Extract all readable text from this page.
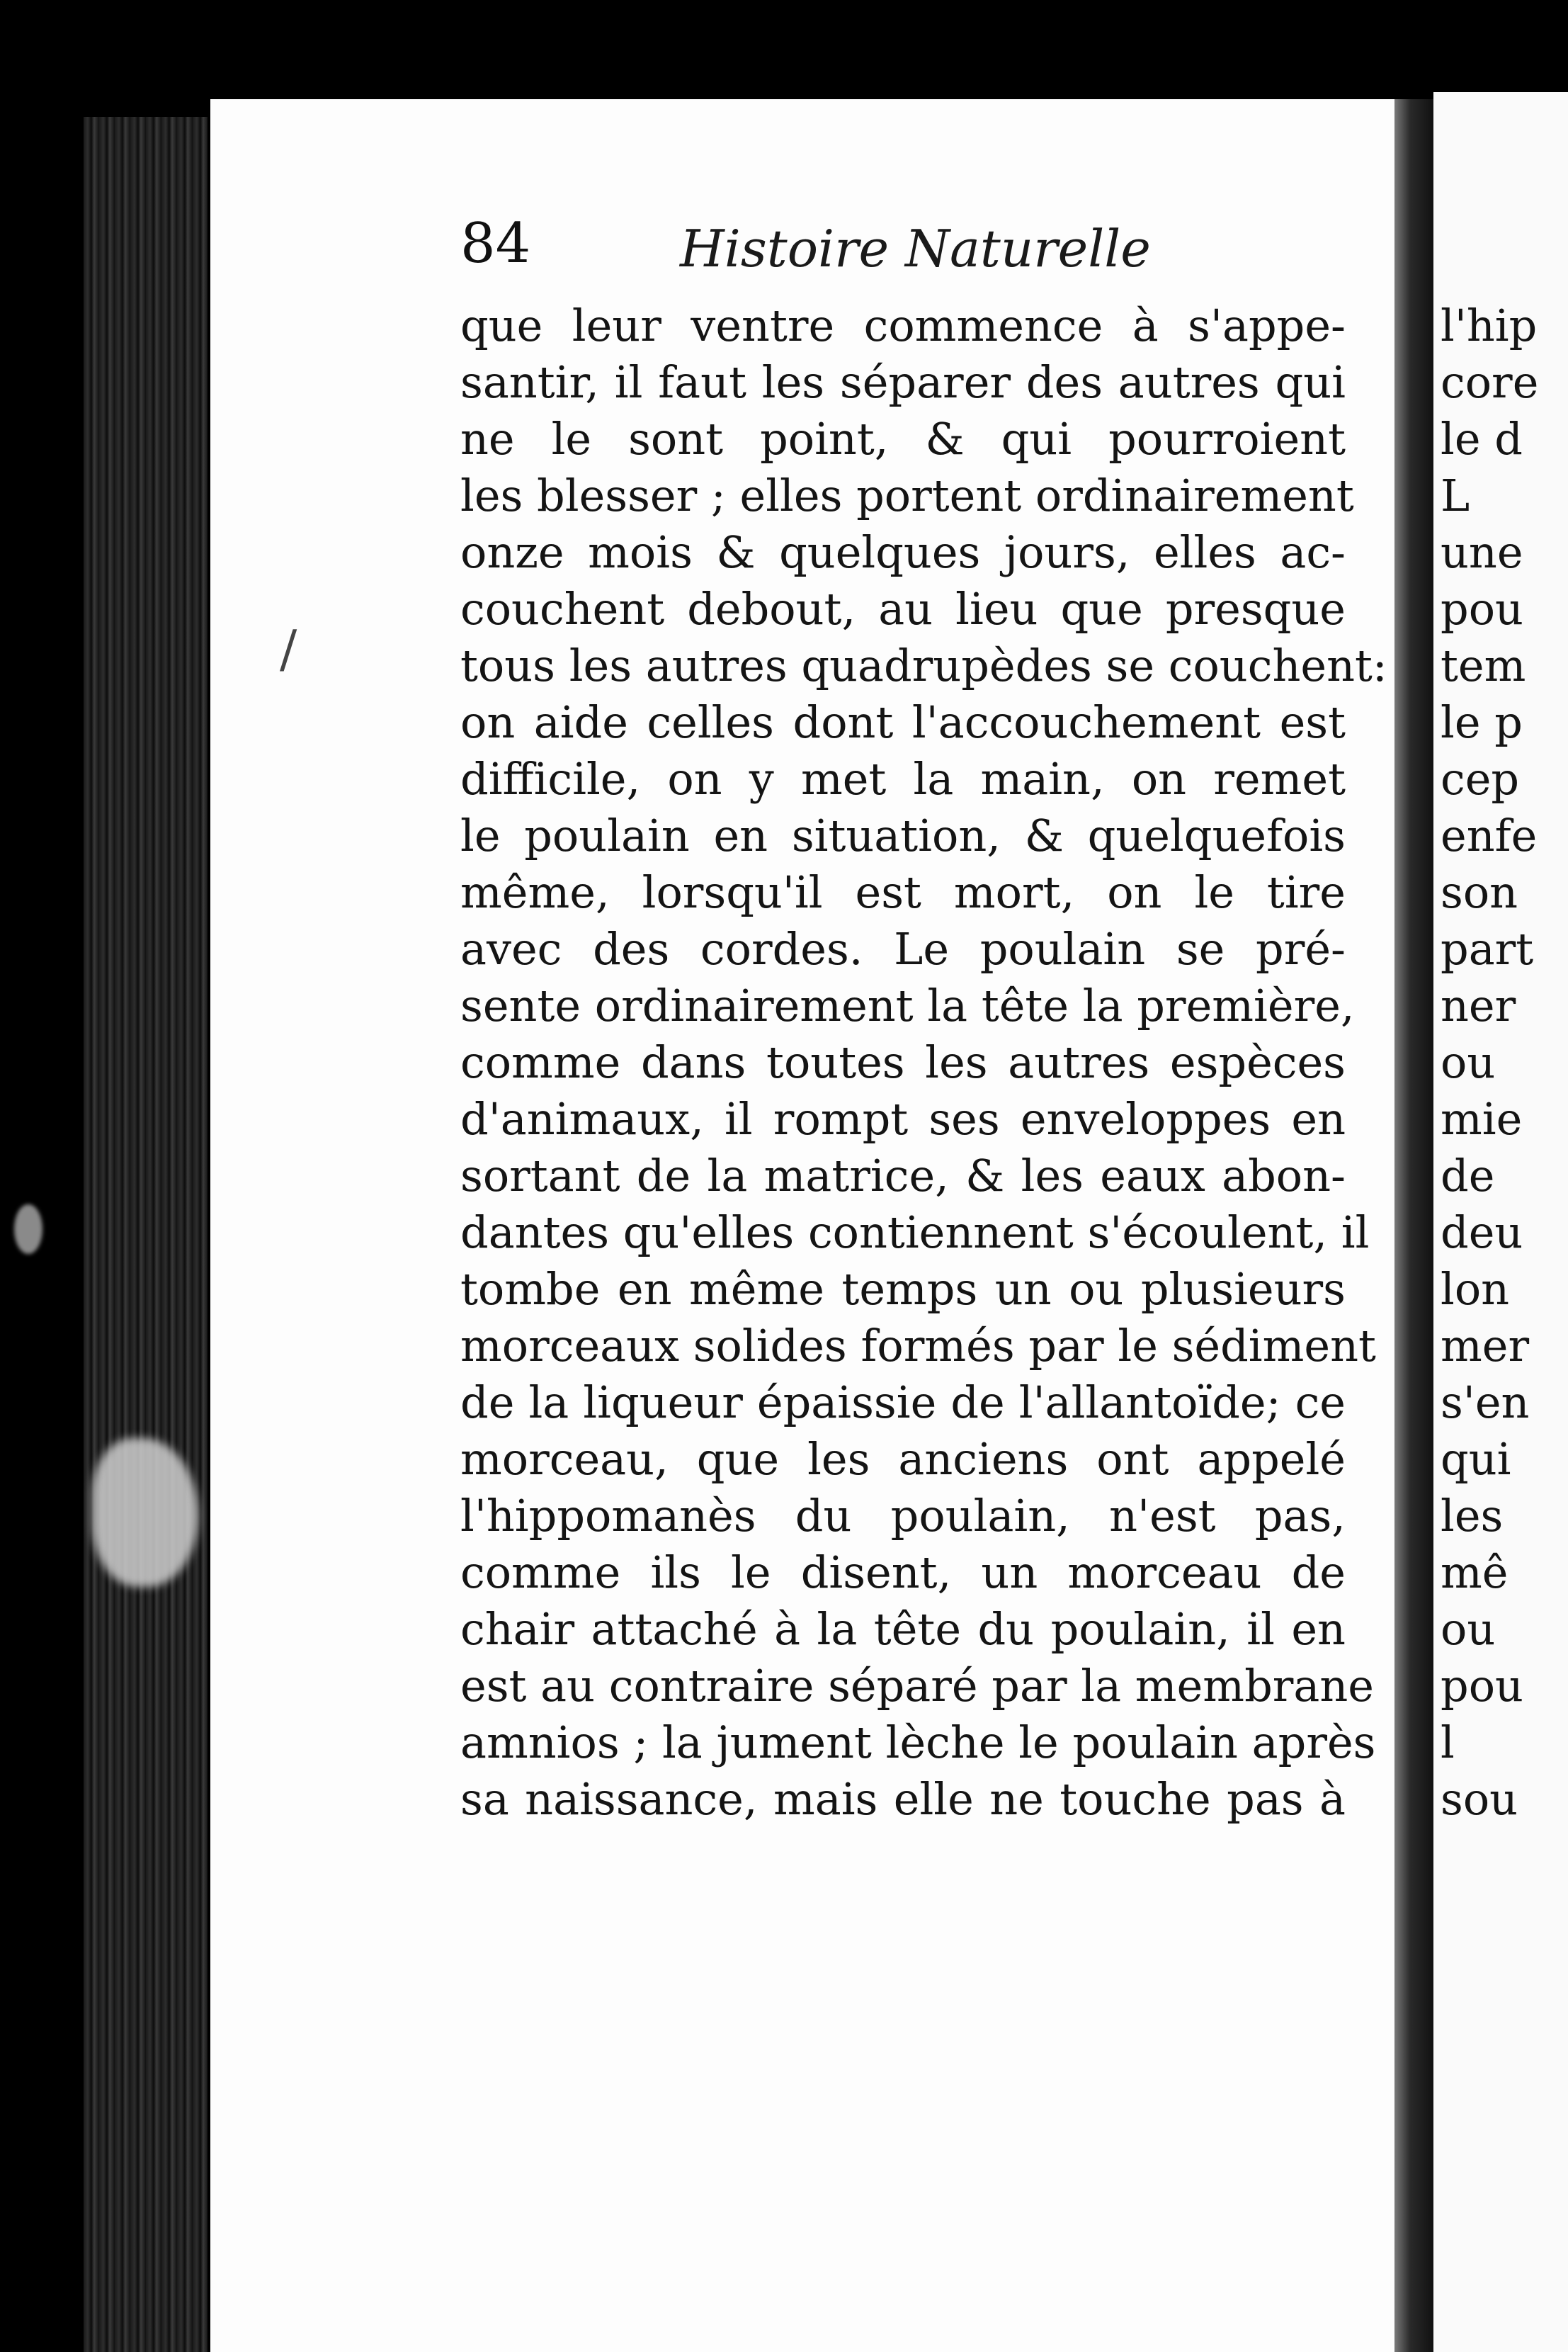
l'hip
core
le d
L
une
pou
tem
le p
cep
enfe
son
part
ner
ou
mie
de
deu
lon
mer
s'en
qui
les
mê
ou
pou
l
sou
84	Histoire Naturelle
/
que leur ventre commence à s'appe-
santir, il faut les séparer des autres qui
ne le sont point, & qui pourroient
les blesser ; elles portent ordinairement
onze mois & quelques jours, elles ac-
couchent debout, au lieu que presque
tous les autres quadrupèdes se couchent:
on aide celles dont l'accouchement est
difficile, on y met la main, on remet
le poulain en situation, & quelquefois
même, lorsqu'il est mort, on le tire
avec des cordes. Le poulain se pré-
sente ordinairement la tête la première,
comme dans toutes les autres espèces
d'animaux, il rompt ses enveloppes en
sortant de la matrice, & les eaux abon-
dantes qu'elles contiennent s'écoulent, il
tombe en même temps un ou plusieurs
morceaux solides formés par le sédiment
de la liqueur épaissie de l'allantoïde; ce
morceau, que les anciens ont appelé
l'hippomanès du poulain, n'est pas,
comme ils le disent, un morceau de
chair attaché à la tête du poulain, il en
est au contraire séparé par la membrane
amnios ; la jument lèche le poulain après
sa naissance, mais elle ne touche pas à
